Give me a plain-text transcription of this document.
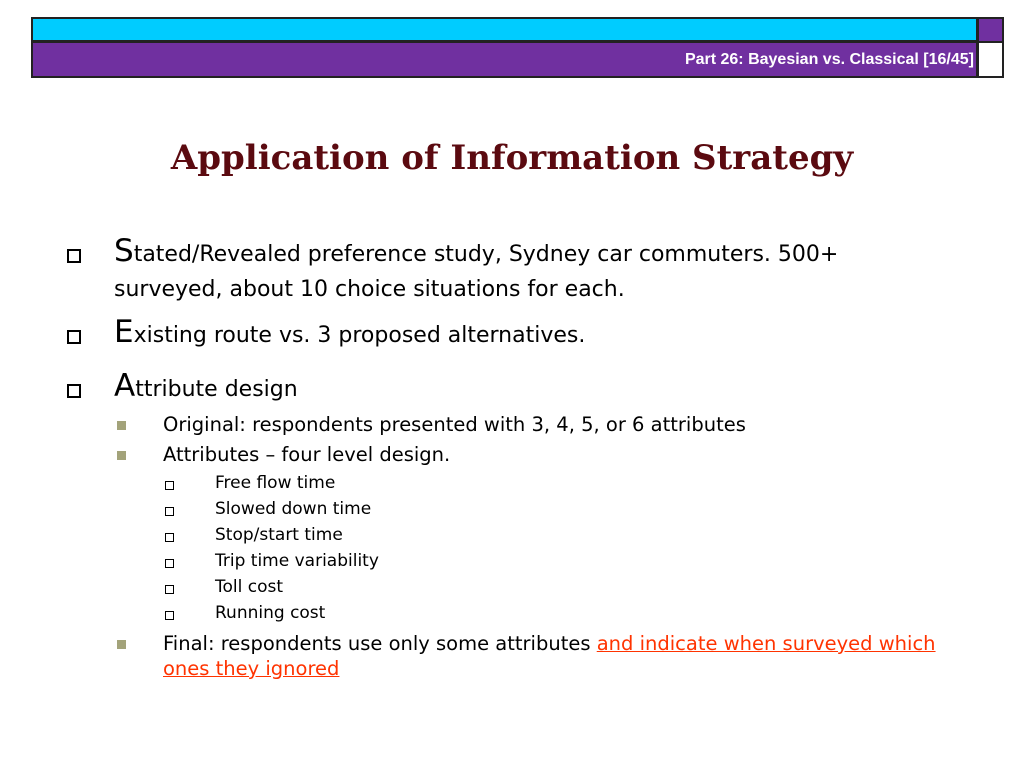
Part 26: Bayesian vs. Classical [16/45]
Application of Information Strategy
Stated/Revealed preference study, Sydney car commuters. 500+
surveyed, about 10 choice situations for each.
Existing route vs. 3 proposed alternatives.
Attribute design
Original: respondents presented with 3, 4, 5, or 6 attributes
Attributes – four level design.
Free flow time
Slowed down time
Stop/start time
Trip time variability
Toll cost
Running cost
Final: respondents use only some attributes and indicate when surveyed which
ones they ignored
